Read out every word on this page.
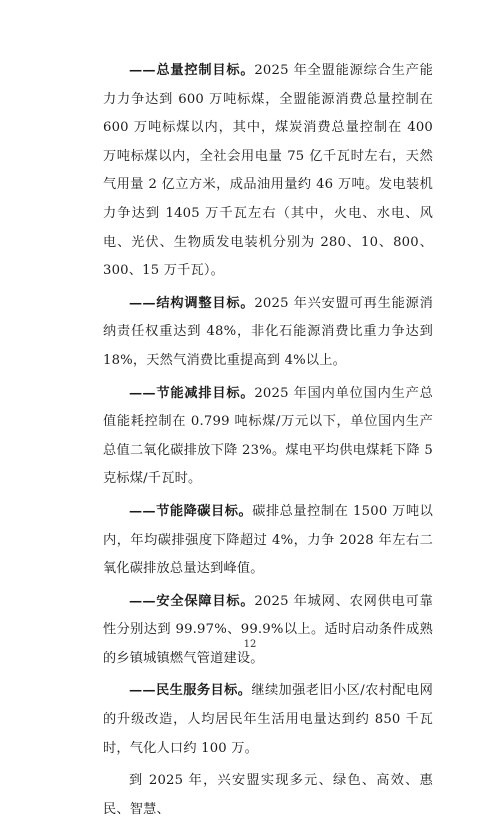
——总量控制目标。2025 年全盟能源综合生产能力力争达到 600 万吨标煤，全盟能源消费总量控制在 600 万吨标煤以内，其中，煤炭消费总量控制在 400 万吨标煤以内，全社会用电量 75 亿千瓦时左右，天然气用量 2 亿立方米，成品油用量约 46 万吨。发电装机力争达到 1405 万千瓦左右（其中，火电、水电、风电、光伏、生物质发电装机分别为 280、10、800、300、15 万千瓦）。

——结构调整目标。2025 年兴安盟可再生能源消纳责任权重达到 48%，非化石能源消费比重力争达到 18%，天然气消费比重提高到 4%以上。

——节能减排目标。2025 年国内单位国内生产总值能耗控制在 0.799 吨标煤/万元以下，单位国内生产总值二氧化碳排放下降 23%。煤电平均供电煤耗下降 5 克标煤/千瓦时。

——节能降碳目标。碳排总量控制在 1500 万吨以内，年均碳排强度下降超过 4%，力争 2028 年左右二氧化碳排放总量达到峰值。

——安全保障目标。2025 年城网、农网供电可靠性分别达到 99.97%、99.9%以上。适时启动条件成熟的乡镇城镇燃气管道建设。

——民生服务目标。继续加强老旧小区/农村配电网的升级改造，人均居民年生活用电量达到约 850 千瓦时，气化人口约 100 万。

到 2025 年，兴安盟实现多元、绿色、高效、惠民、智慧、

12
